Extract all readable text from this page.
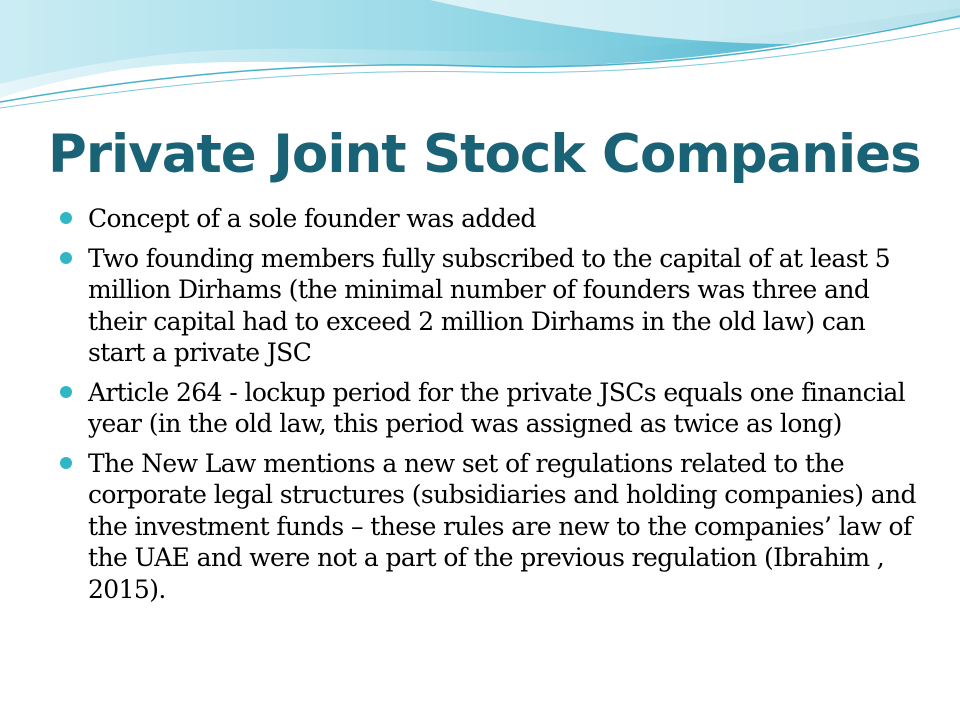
Private Joint Stock Companies
Concept of a sole founder was added
Two founding members fully subscribed to the capital of at least 5 million Dirhams (the minimal number of founders was three and their capital had to exceed 2 million Dirhams in the old law) can start a private JSC
Article 264 - lockup period for the private JSCs equals one financial year (in the old law, this period was assigned as twice as long)
The New Law mentions a new set of regulations related to the corporate legal structures (subsidiaries and holding companies) and the investment funds – these rules are new to the companies’ law of the UAE and were not a part of the previous regulation (Ibrahim , 2015).
